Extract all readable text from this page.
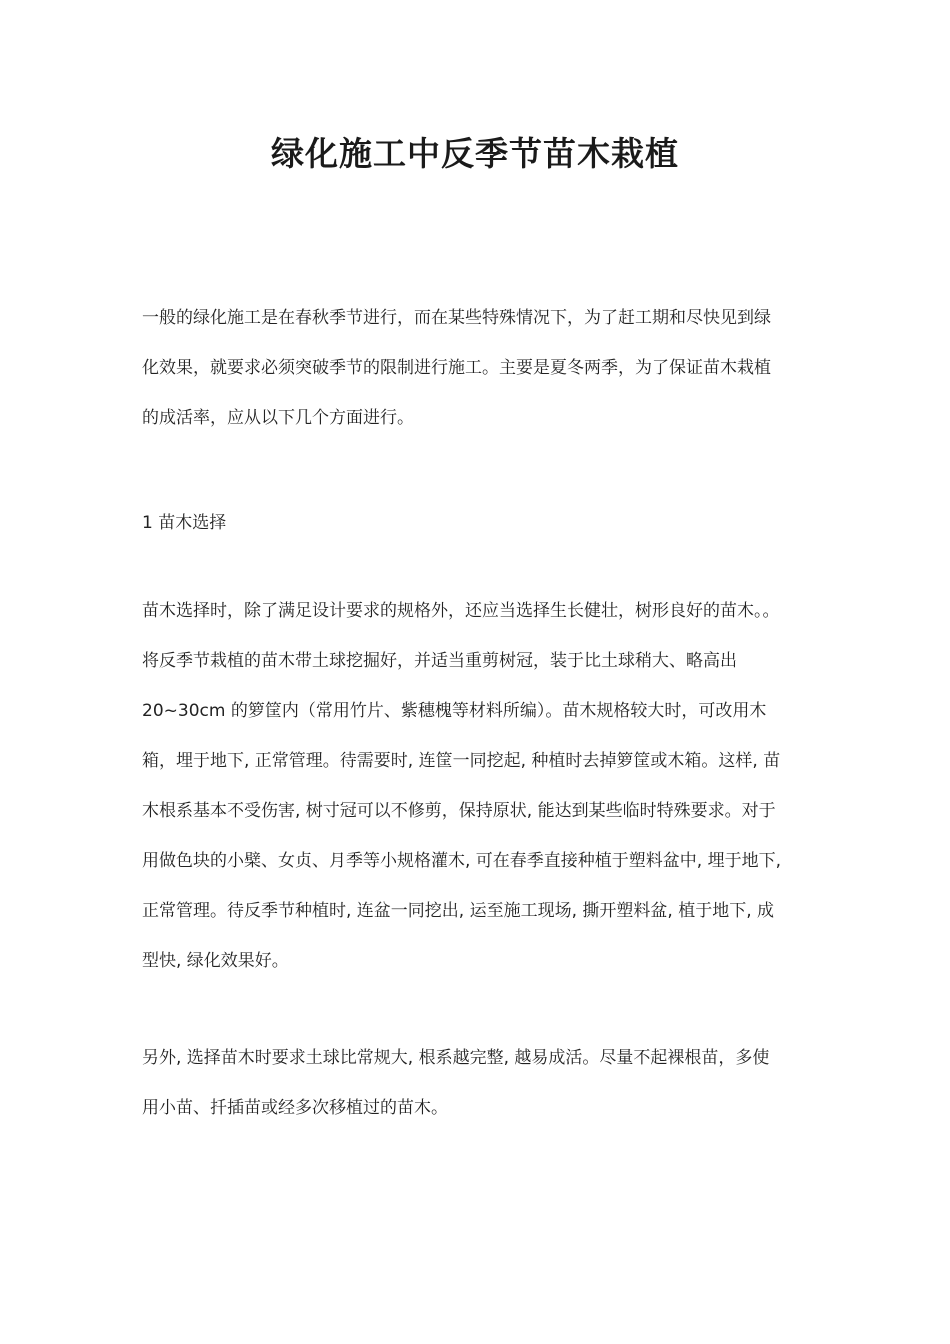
绿化施工中反季节苗木栽植
一般的绿化施工是在春秋季节进行，而在某些特殊情况下，为了赶工期和尽快见到绿
化效果，就要求必须突破季节的限制进行施工。主要是夏冬两季，为了保证苗木栽植
的成活率，应从以下几个方面进行。
1 苗木选择
苗木选择时，除了满足设计要求的规格外，还应当选择生长健壮，树形良好的苗木。。
将反季节栽植的苗木带土球挖掘好，并适当重剪树冠，装于比土球稍大、略高出
20~30cm 的箩筐内（常用竹片、紫穗槐等材料所编）。苗木规格较大时，可改用木
箱，埋于地下, 正常管理。待需要时, 连筐一同挖起, 种植时去掉箩筐或木箱。这样, 苗
木根系基本不受伤害, 树寸冠可以不修剪，保持原状, 能达到某些临时特殊要求。对于
用做色块的小檗、女贞、月季等小规格灌木, 可在春季直接种植于塑料盆中, 埋于地下,
正常管理。待反季节种植时, 连盆一同挖出, 运至施工现场, 撕开塑料盆, 植于地下, 成
型快, 绿化效果好。
另外, 选择苗木时要求土球比常规大, 根系越完整, 越易成活。尽量不起裸根苗，多使
用小苗、扦插苗或经多次移植过的苗木。
